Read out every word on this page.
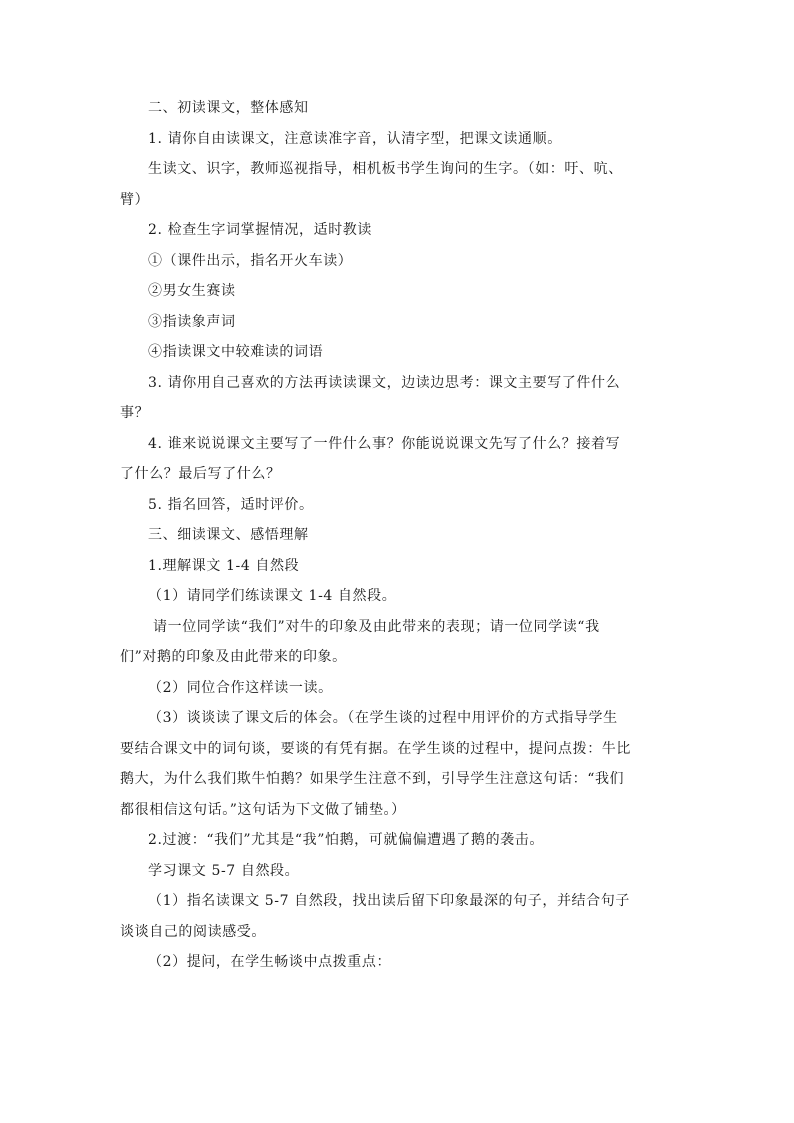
二、初读课文，整体感知
1. 请你自由读课文，注意读准字音，认清字型，把课文读通顺。
生读文、识字，教师巡视指导，相机板书学生询问的生字。（如：吁、吭、
臂）
2. 检查生字词掌握情况，适时教读
①（课件出示，指名开火车读）
②男女生赛读
③指读象声词
④指读课文中较难读的词语
3. 请你用自己喜欢的方法再读读课文，边读边思考：课文主要写了件什么
事？
4. 谁来说说课文主要写了一件什么事？你能说说课文先写了什么？接着写
了什么？最后写了什么？
5. 指名回答，适时评价。
三、细读课文、感悟理解
1.理解课文 1-4 自然段
（1）请同学们练读课文 1-4 自然段。
请一位同学读“我们”对牛的印象及由此带来的表现；请一位同学读“我
们”对鹅的印象及由此带来的印象。
（2）同位合作这样读一读。
（3）谈谈读了课文后的体会。（在学生谈的过程中用评价的方式指导学生
要结合课文中的词句谈，要谈的有凭有据。在学生谈的过程中，提问点拨：牛比
鹅大，为什么我们欺牛怕鹅？如果学生注意不到，引导学生注意这句话：“我们
都很相信这句话。”这句话为下文做了铺垫。）
2.过渡：“我们”尤其是“我”怕鹅，可就偏偏遭遇了鹅的袭击。
学习课文 5-7 自然段。
（1）指名读课文 5-7 自然段，找出读后留下印象最深的句子，并结合句子
谈谈自己的阅读感受。
（2）提问，在学生畅谈中点拨重点：
